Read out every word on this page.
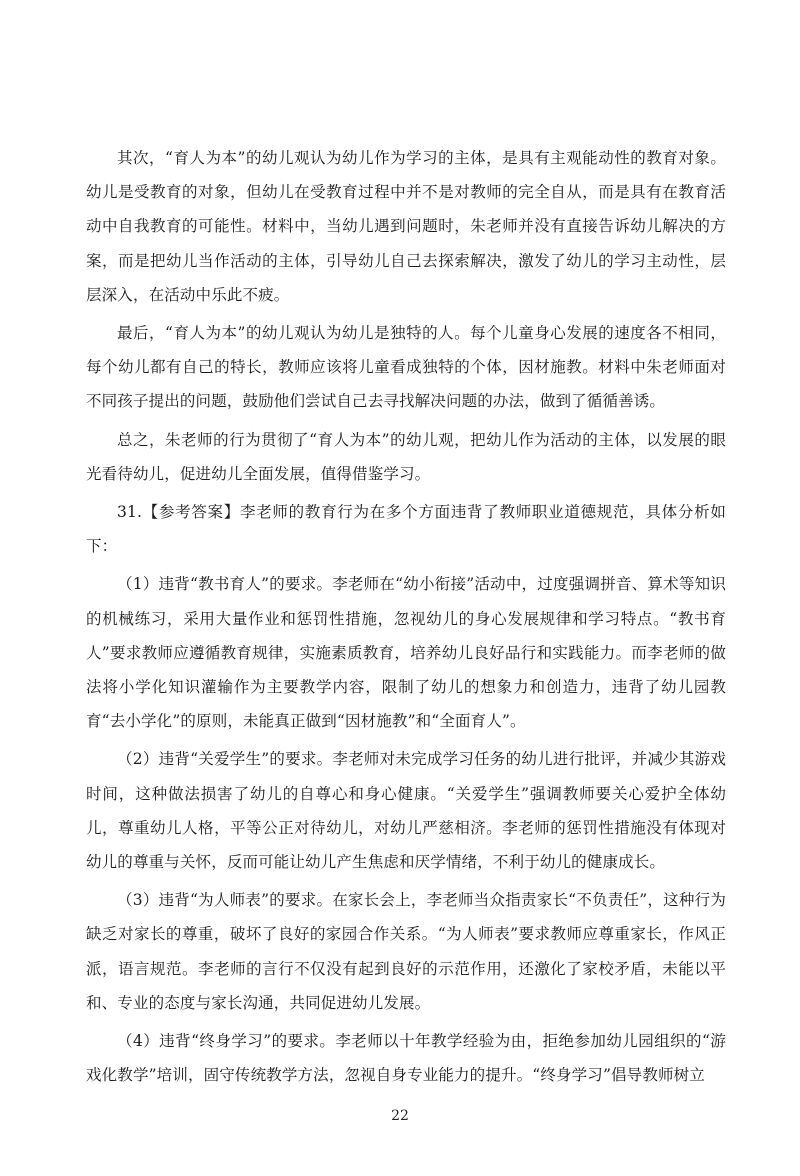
其次，“育人为本”的幼儿观认为幼儿作为学习的主体，是具有主观能动性的教育对象。幼儿是受教育的对象，但幼儿在受教育过程中并不是对教师的完全自从，而是具有在教育活动中自我教育的可能性。材料中，当幼儿遇到问题时，朱老师并没有直接告诉幼儿解决的方案，而是把幼儿当作活动的主体，引导幼儿自己去探索解决，激发了幼儿的学习主动性，层层深入，在活动中乐此不疲。

最后，“育人为本”的幼儿观认为幼儿是独特的人。每个儿童身心发展的速度各不相同，每个幼儿都有自己的特长，教师应该将儿童看成独特的个体，因材施教。材料中朱老师面对不同孩子提出的问题，鼓励他们尝试自己去寻找解决问题的办法，做到了循循善诱。

总之，朱老师的行为贯彻了“育人为本”的幼儿观，把幼儿作为活动的主体，以发展的眼光看待幼儿，促进幼儿全面发展，值得借鉴学习。

31.【参考答案】李老师的教育行为在多个方面违背了教师职业道德规范，具体分析如下：

（1）违背“教书育人”的要求。李老师在“幼小衔接”活动中，过度强调拼音、算术等知识的机械练习，采用大量作业和惩罚性措施，忽视幼儿的身心发展规律和学习特点。“教书育人”要求教师应遵循教育规律，实施素质教育，培养幼儿良好品行和实践能力。而李老师的做法将小学化知识灌输作为主要教学内容，限制了幼儿的想象力和创造力，违背了幼儿园教育“去小学化”的原则，未能真正做到“因材施教”和“全面育人”。

（2）违背“关爱学生”的要求。李老师对未完成学习任务的幼儿进行批评，并减少其游戏时间，这种做法损害了幼儿的自尊心和身心健康。“关爱学生”强调教师要关心爱护全体幼儿，尊重幼儿人格，平等公正对待幼儿，对幼儿严慈相济。李老师的惩罚性措施没有体现对幼儿的尊重与关怀，反而可能让幼儿产生焦虑和厌学情绪，不利于幼儿的健康成长。

（3）违背“为人师表”的要求。在家长会上，李老师当众指责家长“不负责任”，这种行为缺乏对家长的尊重，破坏了良好的家园合作关系。“为人师表”要求教师应尊重家长，作风正派，语言规范。李老师的言行不仅没有起到良好的示范作用，还激化了家校矛盾，未能以平和、专业的态度与家长沟通，共同促进幼儿发展。

（4）违背“终身学习”的要求。李老师以十年教学经验为由，拒绝参加幼儿园组织的“游戏化教学”培训，固守传统教学方法，忽视自身专业能力的提升。“终身学习”倡导教师树立

22
